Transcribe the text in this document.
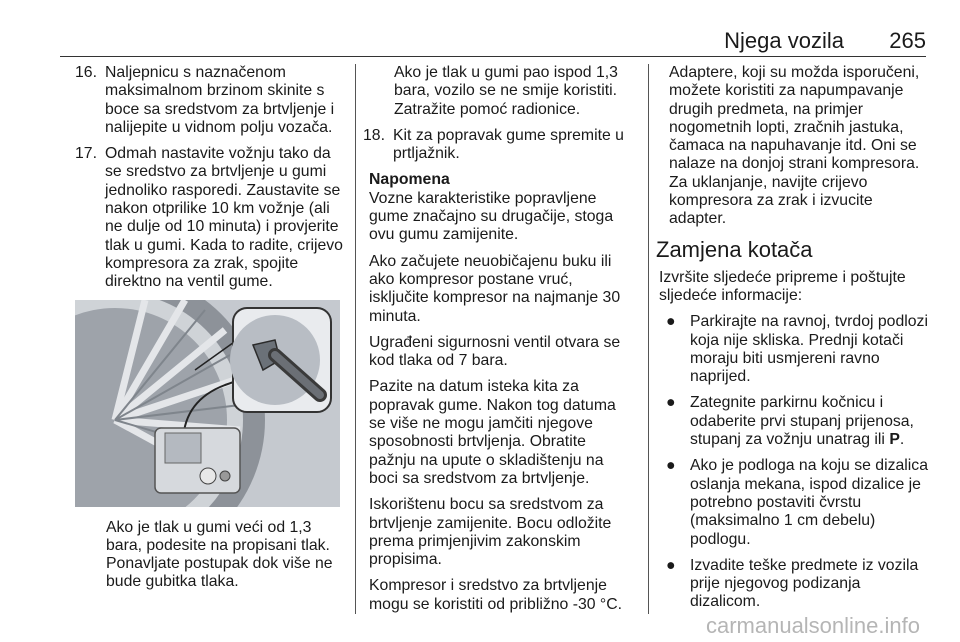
Njega vozila 265
16. Naljepnicu s naznačenom maksimalnom brzinom skinite s boce sa sredstvom za brtvljenje i nalijepite u vidnom polju vozača.
17. Odmah nastavite vožnju tako da se sredstvo za brtvljenje u gumi jednoliko rasporedi. Zaustavite se nakon otprilike 10 km vožnje (ali ne dulje od 10 minuta) i provjerite tlak u gumi. Kada to radite, crijevo kompresora za zrak, spojite direktno na ventil gume.

Ako je tlak u gumi veći od 1,3 bara, podesite na propisani tlak. Ponavljate postupak dok više ne bude gubitka tlaka.

Ako je tlak u gumi pao ispod 1,3 bara, vozilo se ne smije koristiti. Zatražite pomoć radionice.

18. Kit za popravak gume spremite u prtljažnik.

Napomena

Vozne karakteristike popravljene gume značajno su drugačije, stoga ovu gumu zamijenite.

Ako začujete neuobičajenu buku ili ako kompresor postane vruć, isključite kompresor na najmanje 30 minuta.

Ugrađeni sigurnosni ventil otvara se kod tlaka od 7 bara.

Pazite na datum isteka kita za popravak gume. Nakon tog datuma se više ne mogu jamčiti njegove sposobnosti brtvljenja. Obratite pažnju na upute o skladištenju na boci sa sredstvom za brtvljenje.

Iskorištenu bocu sa sredstvom za brtvljenje zamijenite. Bocu odložite prema primjenjivim zakonskim propisima.

Kompresor i sredstvo za brtvljenje mogu se koristiti od približno -30 °C.

Adaptere, koji su možda isporučeni, možete koristiti za napumpavanje drugih predmeta, na primjer nogometnih lopti, zračnih jastuka, čamaca na napuhavanje itd. Oni se nalaze na donjoj strani kompresora. Za uklanjanje, navijte crijevo kompresora za zrak i izvucite adapter.

Zamjena kotača

Izvršite sljedeće pripreme i poštujte sljedeće informacije:

● Parkirajte na ravnoj, tvrdoj podlozi koja nije skliska. Prednji kotači moraju biti usmjereni ravno naprijed.
● Zategnite parkirnu kočnicu i odaberite prvi stupanj prijenosa, stupanj za vožnju unatrag ili P.
● Ako je podloga na koju se dizalica oslanja mekana, ispod dizalice je potrebno postaviti čvrstu (maksimalno 1 cm debelu) podlogu.
● Izvadite teške predmete iz vozila prije njegovog podizanja dizalicom.
carmanualsonline.info
